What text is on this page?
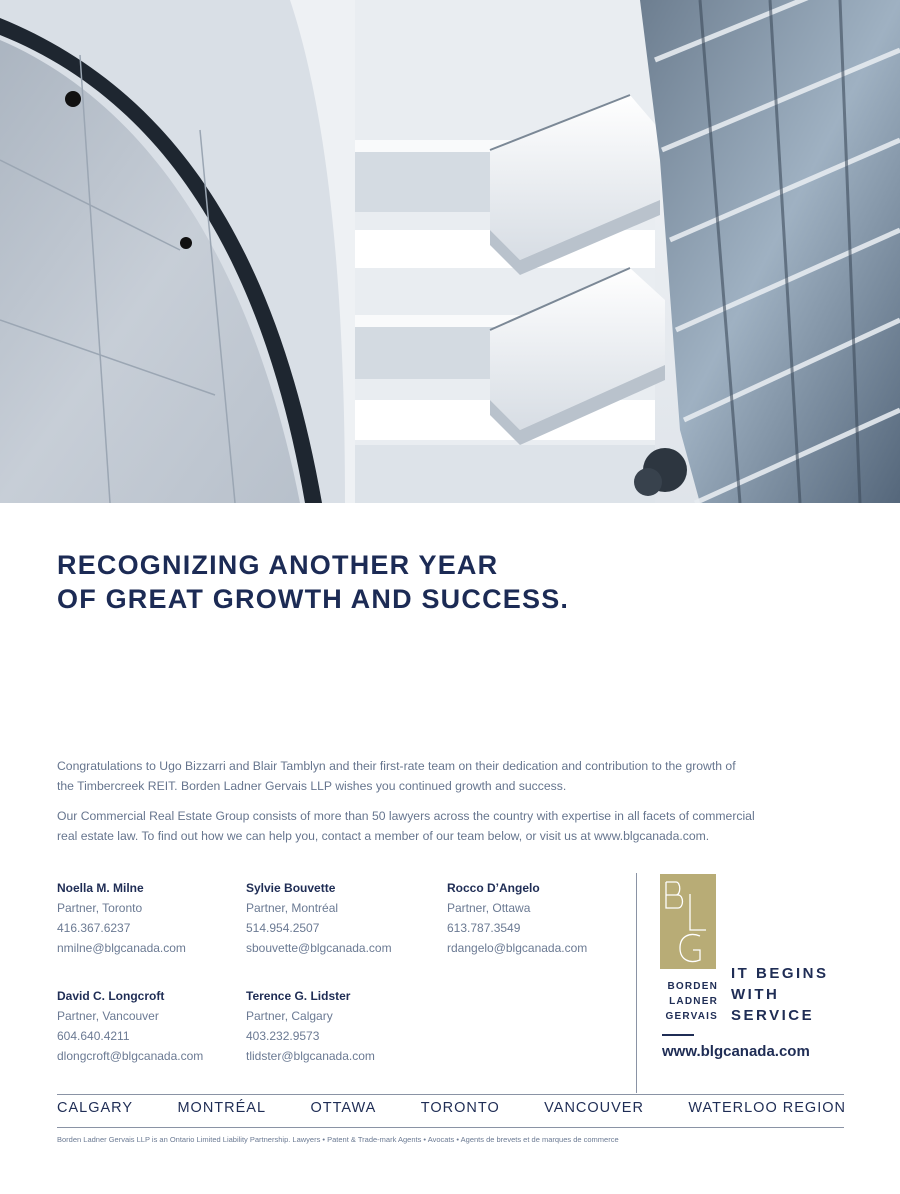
RECOGNIZING ANOTHER YEAR
OF GREAT GROWTH AND SUCCESS.

Congratulations to Ugo Bizzarri and Blair Tamblyn and their first-rate team on their dedication and contribution to the growth of
the Timbercreek REIT. Borden Ladner Gervais LLP wishes you continued growth and success.

Our Commercial Real Estate Group consists of more than 50 lawyers across the country with expertise in all facets of commercial
real estate law. To find out how we can help you, contact a member of our team below, or visit us at www.blgcanada.com.

Noella M. Milne
Partner, Toronto
416.367.6237
nmilne@blgcanada.com
Sylvie Bouvette
Partner, Montréal
514.954.2507
sbouvette@blgcanada.com
Rocco D’Angelo
Partner, Ottawa
613.787.3549
rdangelo@blgcanada.com
David C. Longcroft
Partner, Vancouver
604.640.4211
dlongcroft@blgcanada.com
Terence G. Lidster
Partner, Calgary
403.232.9573
tlidster@blgcanada.com
BORDEN
LADNER
GERVAIS
IT BEGINS
WITH
SERVICE
www.blgcanada.com
CALGARY	MONTRÉAL	OTTAWA	TORONTO	VANCOUVER	WATERLOO REGION
Borden Ladner Gervais LLP is an Ontario Limited Liability Partnership. Lawyers • Patent & Trade-mark Agents • Avocats • Agents de brevets et de marques de commerce
